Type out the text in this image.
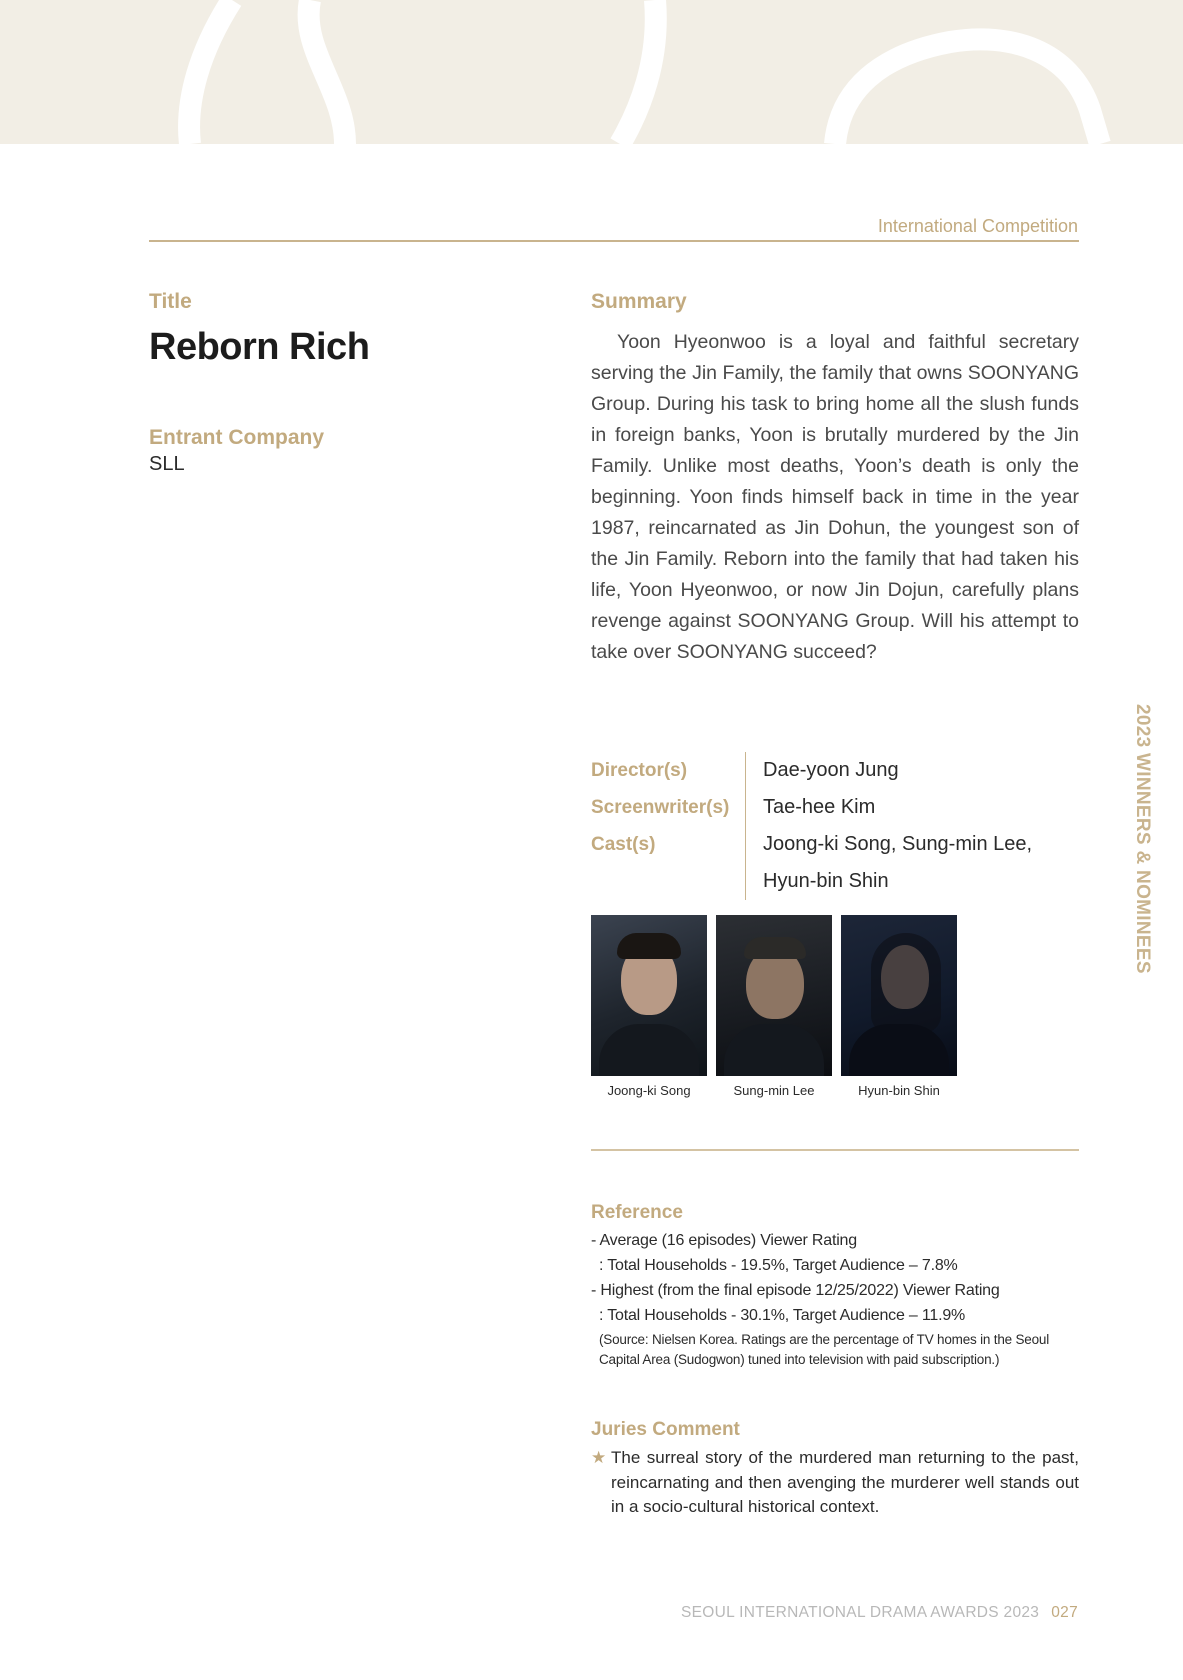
International Competition
Title
Reborn Rich
Entrant Company
SLL
Summary
Yoon Hyeonwoo is a loyal and faithful secretary serving the Jin Family, the family that owns SOONYANG Group. During his task to bring home all the slush funds in foreign banks, Yoon is brutally murdered by the Jin Family. Unlike most deaths, Yoon’s death is only the beginning. Yoon finds himself back in time in the year 1987, reincarnated as Jin Dohun, the youngest son of the Jin Family. Reborn into the family that had taken his life, Yoon Hyeonwoo, or now Jin Dojun, carefully plans revenge against SOONYANG Group. Will his attempt to take over SOONYANG succeed?
Director(s)	Dae-yoon Jung
Screenwriter(s)	Tae-hee Kim
Cast(s)	Joong-ki Song, Sung-min Lee, Hyun-bin Shin
Joong-ki Song	Sung-min Lee	Hyun-bin Shin
Reference
- Average (16 episodes) Viewer Rating
: Total Households - 19.5%, Target Audience – 7.8%
- Highest (from the final episode 12/25/2022) Viewer Rating
: Total Households - 30.1%, Target Audience – 11.9%
(Source: Nielsen Korea. Ratings are the percentage of TV homes in the Seoul Capital Area (Sudogwon) tuned into television with paid subscription.)
Juries Comment
★ The surreal story of the murdered man returning to the past, reincarnating and then avenging the murderer well stands out in a socio-cultural historical context.
2023 WINNERS & NOMINEES
SEOUL INTERNATIONAL DRAMA AWARDS 2023 027
